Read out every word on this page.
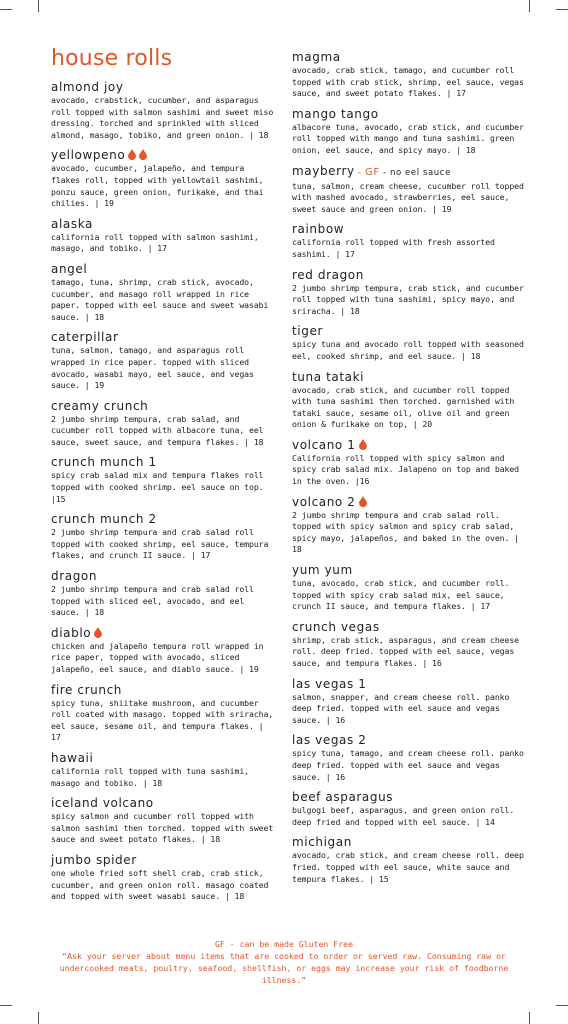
house rolls
almond joy
avocado, crabstick, cucumber, and asparagus roll topped with salmon sashimi and sweet miso dressing. torched and sprinkled with sliced almond, masago, tobiko, and green onion. | 18
yellowpeno
avocado, cucumber, jalapeño, and tempura flakes roll, topped with yellowtail sashimi, ponzu sauce, green onion, furikake, and thai chilies. | 19
alaska
california roll topped with salmon sashimi, masago, and tobiko. | 17
angel
tamago, tuna, shrimp, crab stick, avocado, cucumber, and masago roll wrapped in rice paper. topped with eel sauce and sweet wasabi sauce. | 18
caterpillar
tuna, salmon, tamago, and asparagus roll wrapped in rice paper. topped with sliced avocado, wasabi mayo, eel sauce, and vegas sauce. | 19
creamy crunch
2 jumbo shrimp tempura, crab salad, and cucumber roll topped with albacore tuna, eel sauce, sweet sauce, and tempura flakes. | 18
crunch munch 1
spicy crab salad mix and tempura flakes roll topped with cooked shrimp. eel sauce on top. |15
crunch munch 2
2 jumbo shrimp tempura and crab salad roll topped with cooked shrimp, eel sauce, tempura flakes, and crunch II sauce. | 17
dragon
2 jumbo shrimp tempura and crab salad roll topped with sliced eel, avocado, and eel sauce. | 18
diablo
chicken and jalapeño tempura roll wrapped in rice paper, topped with avocado, sliced jalapeño, eel sauce, and diablo sauce. | 19
fire crunch
spicy tuna, shiitake mushroom, and cucumber roll coated with masago. topped with sriracha, eel sauce, sesame oil, and tempura flakes. | 17
hawaii
california roll topped with tuna sashimi, masago and tobiko. | 18
iceland volcano
spicy salmon and cucumber roll topped with salmon sashimi then torched. topped with sweet sauce and sweet potato flakes. | 18
jumbo spider
one whole fried soft shell crab, crab stick, cucumber, and green onion roll. masago coated and topped with sweet wasabi sauce. | 18
magma
avocado, crab stick, tamago, and cucumber roll topped with crab stick, shrimp, eel sauce, vegas sauce, and sweet potato flakes. | 17
mango tango
albacore tuna, avocado, crab stick, and cucumber roll topped with mango and tuna sashimi. green onion, eel sauce, and spicy mayo. | 18
mayberry - GF - no eel sauce
tuna, salmon, cream cheese, cucumber roll topped with mashed avocado, strawberries, eel sauce, sweet sauce and green onion. | 19
rainbow
california roll topped with fresh assorted sashimi. | 17
red dragon
2 jumbo shrimp tempura, crab stick, and cucumber roll topped with tuna sashimi, spicy mayo, and sriracha. | 18
tiger
spicy tuna and avocado roll topped with seasoned eel, cooked shrimp, and eel sauce. | 18
tuna tataki
avocado, crab stick, and cucumber roll topped with tuna sashimi then torched. garnished with tataki sauce, sesame oil, olive oil and green onion & furikake on top, | 20
volcano 1
California roll topped with spicy salmon and spicy crab salad mix. Jalapeno on top and baked in the oven. |16
volcano 2
2 jumbo shrimp tempura and crab salad roll. topped with spicy salmon and spicy crab salad, spicy mayo, jalapeños, and baked in the oven. | 18
yum yum
tuna, avocado, crab stick, and cucumber roll. topped with spicy crab salad mix, eel sauce, crunch II sauce, and tempura flakes. | 17
crunch vegas
shrimp, crab stick, asparagus, and cream cheese roll. deep fried. topped with eel sauce, vegas sauce, and tempura flakes. | 16
las vegas 1
salmon, snapper, and cream cheese roll. panko deep fried. topped with eel sauce and vegas sauce. | 16
las vegas 2
spicy tuna, tamago, and cream cheese roll. panko deep fried. topped with eel sauce and vegas sauce. | 16
beef asparagus
bulgogi beef, asparagus, and green onion roll. deep fried and topped with eel sauce. | 14
michigan
avocado, crab stick, and cream cheese roll. deep fried. topped with eel sauce, white sauce and tempura flakes. | 15
GF - can be made Gluten Free
“Ask your server about menu items that are cooked to order or served raw. Consuming raw or undercooked meats, poultry, seafood, shellfish, or eggs may increase your risk of foodborne illness.”
